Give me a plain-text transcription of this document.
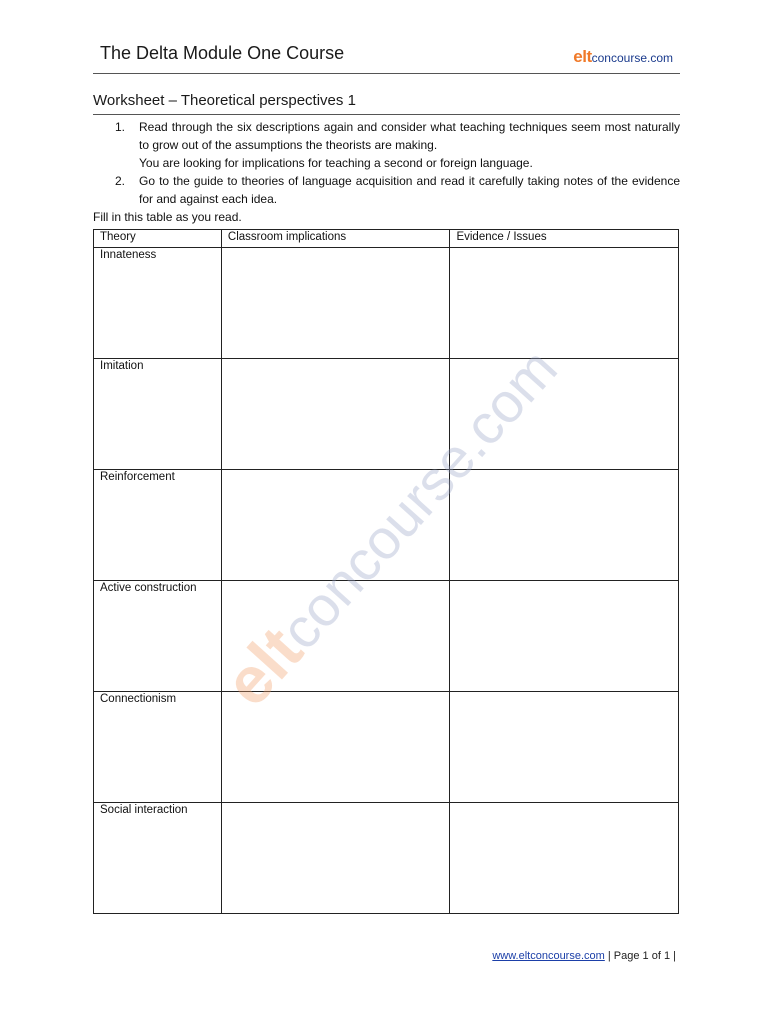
The Delta Module One Course	eltconcourse.com
Worksheet – Theoretical perspectives 1
1. Read through the six descriptions again and consider what teaching techniques seem most naturally to grow out of the assumptions the theorists are making.

You are looking for implications for teaching a second or foreign language.

2. Go to the guide to theories of language acquisition and read it carefully taking notes of the evidence for and against each idea.

Fill in this table as you read.
Theory	Classroom implications	Evidence / Issues
Innateness		
Imitation		
Reinforcement		
Active construction		
Connectionism		
Social interaction		
eltconcourse.com
www.eltconcourse.com | Page 1 of 1 |
